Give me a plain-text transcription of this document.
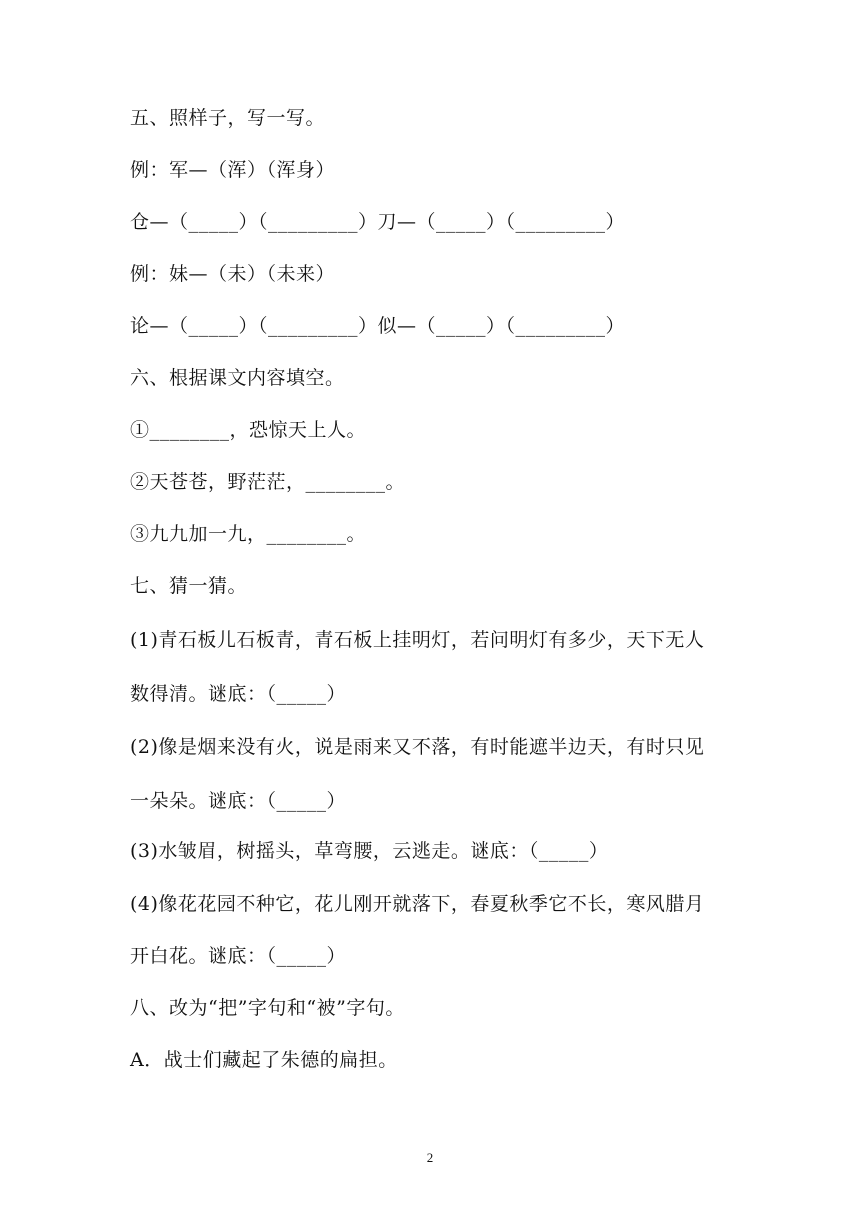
五、照样子，写一写。
例：军—（浑）（浑身）
仓—（_____）（_________）刀—（_____）（_________）
例：妹—（未）（未来）
论—（_____）（_________）似—（_____）（_________）
六、根据课文内容填空。
①________，恐惊天上人。
②天苍苍，野茫茫，________。
③九九加一九，________。
七、猜一猜。
(1)青石板儿石板青，青石板上挂明灯，若问明灯有多少，天下无人
数得清。谜底：（_____）
(2)像是烟来没有火，说是雨来又不落，有时能遮半边天，有时只见
一朵朵。谜底：（_____）
(3)水皱眉，树摇头，草弯腰，云逃走。谜底：（_____）
(4)像花花园不种它，花儿刚开就落下，春夏秋季它不长，寒风腊月
开白花。谜底：（_____）
八、改为“把”字句和“被”字句。
A．战士们藏起了朱德的扁担。
2
